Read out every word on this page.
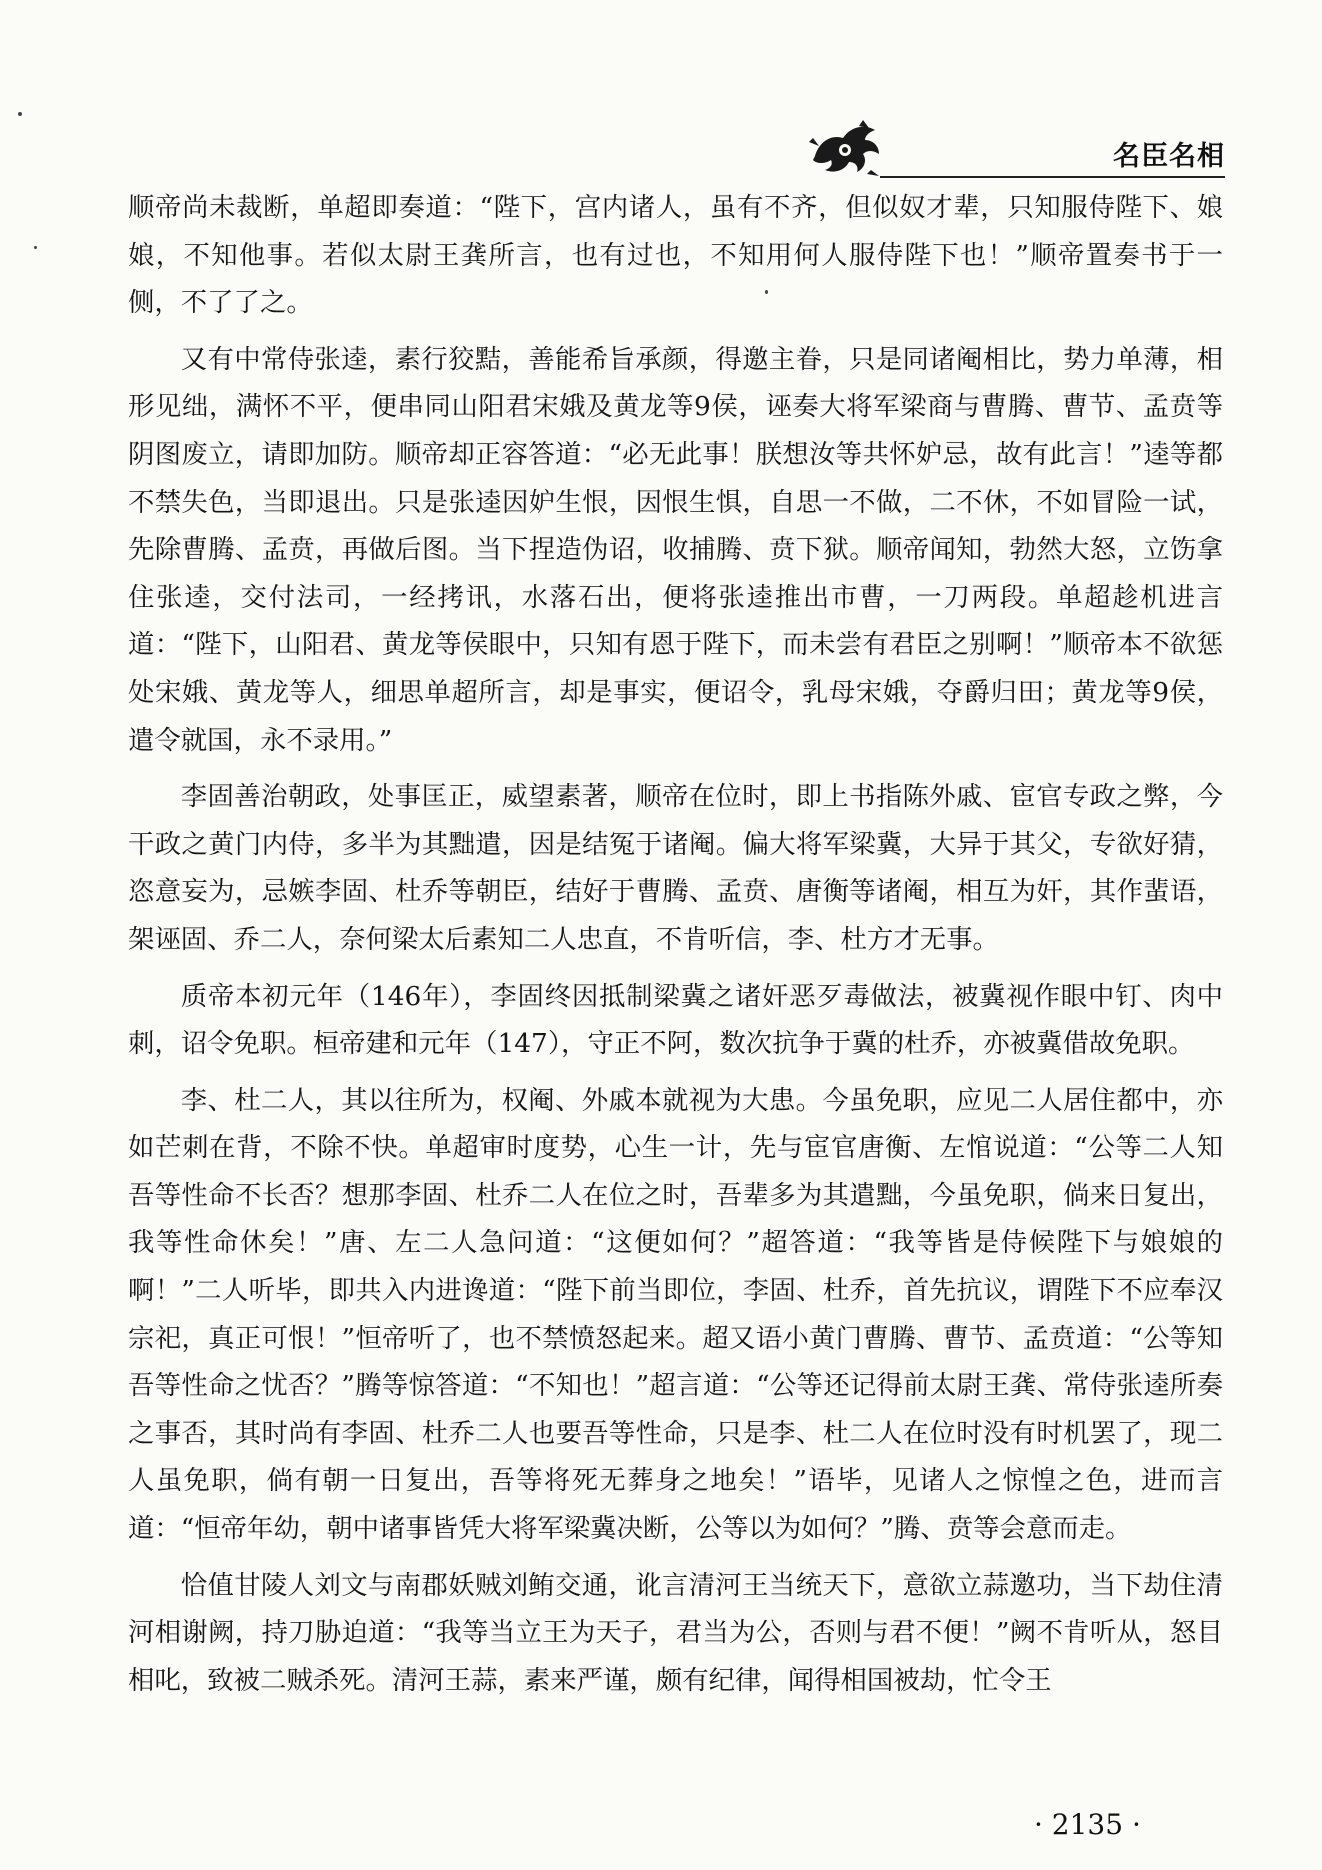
名臣名相

顺帝尚未裁断，单超即奏道：“陛下，宫内诸人，虽有不齐，但似奴才辈，只知服侍陛下、娘娘，不知他事。若似太尉王龚所言，也有过也，不知用何人服侍陛下也！”顺帝置奏书于一侧，不了了之。

又有中常侍张逵，素行狡黠，善能希旨承颜，得邀主眷，只是同诸阉相比，势力单薄，相形见绌，满怀不平，便串同山阳君宋娥及黄龙等9侯，诬奏大将军梁商与曹腾、曹节、孟贲等阴图废立，请即加防。顺帝却正容答道：“必无此事！朕想汝等共怀妒忌，故有此言！”逵等都不禁失色，当即退出。只是张逵因妒生恨，因恨生惧，自思一不做，二不休，不如冒险一试，先除曹腾、孟贲，再做后图。当下捏造伪诏，收捕腾、贲下狱。顺帝闻知，勃然大怒，立饬拿住张逵，交付法司，一经拷讯，水落石出，便将张逵推出市曹，一刀两段。单超趁机进言道：“陛下，山阳君、黄龙等侯眼中，只知有恩于陛下，而未尝有君臣之别啊！”顺帝本不欲惩处宋娥、黄龙等人，细思单超所言，却是事实，便诏令，乳母宋娥，夺爵归田；黄龙等9侯，遣令就国，永不录用。”

李固善治朝政，处事匡正，威望素著，顺帝在位时，即上书指陈外戚、宦官专政之弊，今干政之黄门内侍，多半为其黜遣，因是结冤于诸阉。偏大将军梁冀，大异于其父，专欲好猜，恣意妄为，忌嫉李固、杜乔等朝臣，结好于曹腾、孟贲、唐衡等诸阉，相互为奸，其作蜚语，架诬固、乔二人，奈何梁太后素知二人忠直，不肯听信，李、杜方才无事。

质帝本初元年（146年），李固终因抵制梁冀之诸奸恶歹毒做法，被冀视作眼中钉、肉中刺，诏令免职。桓帝建和元年（147），守正不阿，数次抗争于冀的杜乔，亦被冀借故免职。

李、杜二人，其以往所为，权阉、外戚本就视为大患。今虽免职，应见二人居住都中，亦如芒刺在背，不除不快。单超审时度势，心生一计，先与宦官唐衡、左悺说道：“公等二人知吾等性命不长否？想那李固、杜乔二人在位之时，吾辈多为其遣黜，今虽免职，倘来日复出，我等性命休矣！”唐、左二人急问道：“这便如何？”超答道：“我等皆是侍候陛下与娘娘的啊！”二人听毕，即共入内进谗道：“陛下前当即位，李固、杜乔，首先抗议，谓陛下不应奉汉宗祀，真正可恨！”恒帝听了，也不禁愤怒起来。超又语小黄门曹腾、曹节、孟贲道：“公等知吾等性命之忧否？”腾等惊答道：“不知也！”超言道：“公等还记得前太尉王龚、常侍张逵所奏之事否，其时尚有李固、杜乔二人也要吾等性命，只是李、杜二人在位时没有时机罢了，现二人虽免职，倘有朝一日复出，吾等将死无葬身之地矣！”语毕，见诸人之惊惶之色，进而言道：“恒帝年幼，朝中诸事皆凭大将军梁冀决断，公等以为如何？”腾、贲等会意而走。

恰值甘陵人刘文与南郡妖贼刘鲔交通，讹言清河王当统天下，意欲立蒜邀功，当下劫住清河相谢阙，持刀胁迫道：“我等当立王为天子，君当为公，否则与君不便！”阙不肯听从，怒目相叱，致被二贼杀死。清河王蒜，素来严谨，颇有纪律，闻得相国被劫，忙令王

· 2135 ·
